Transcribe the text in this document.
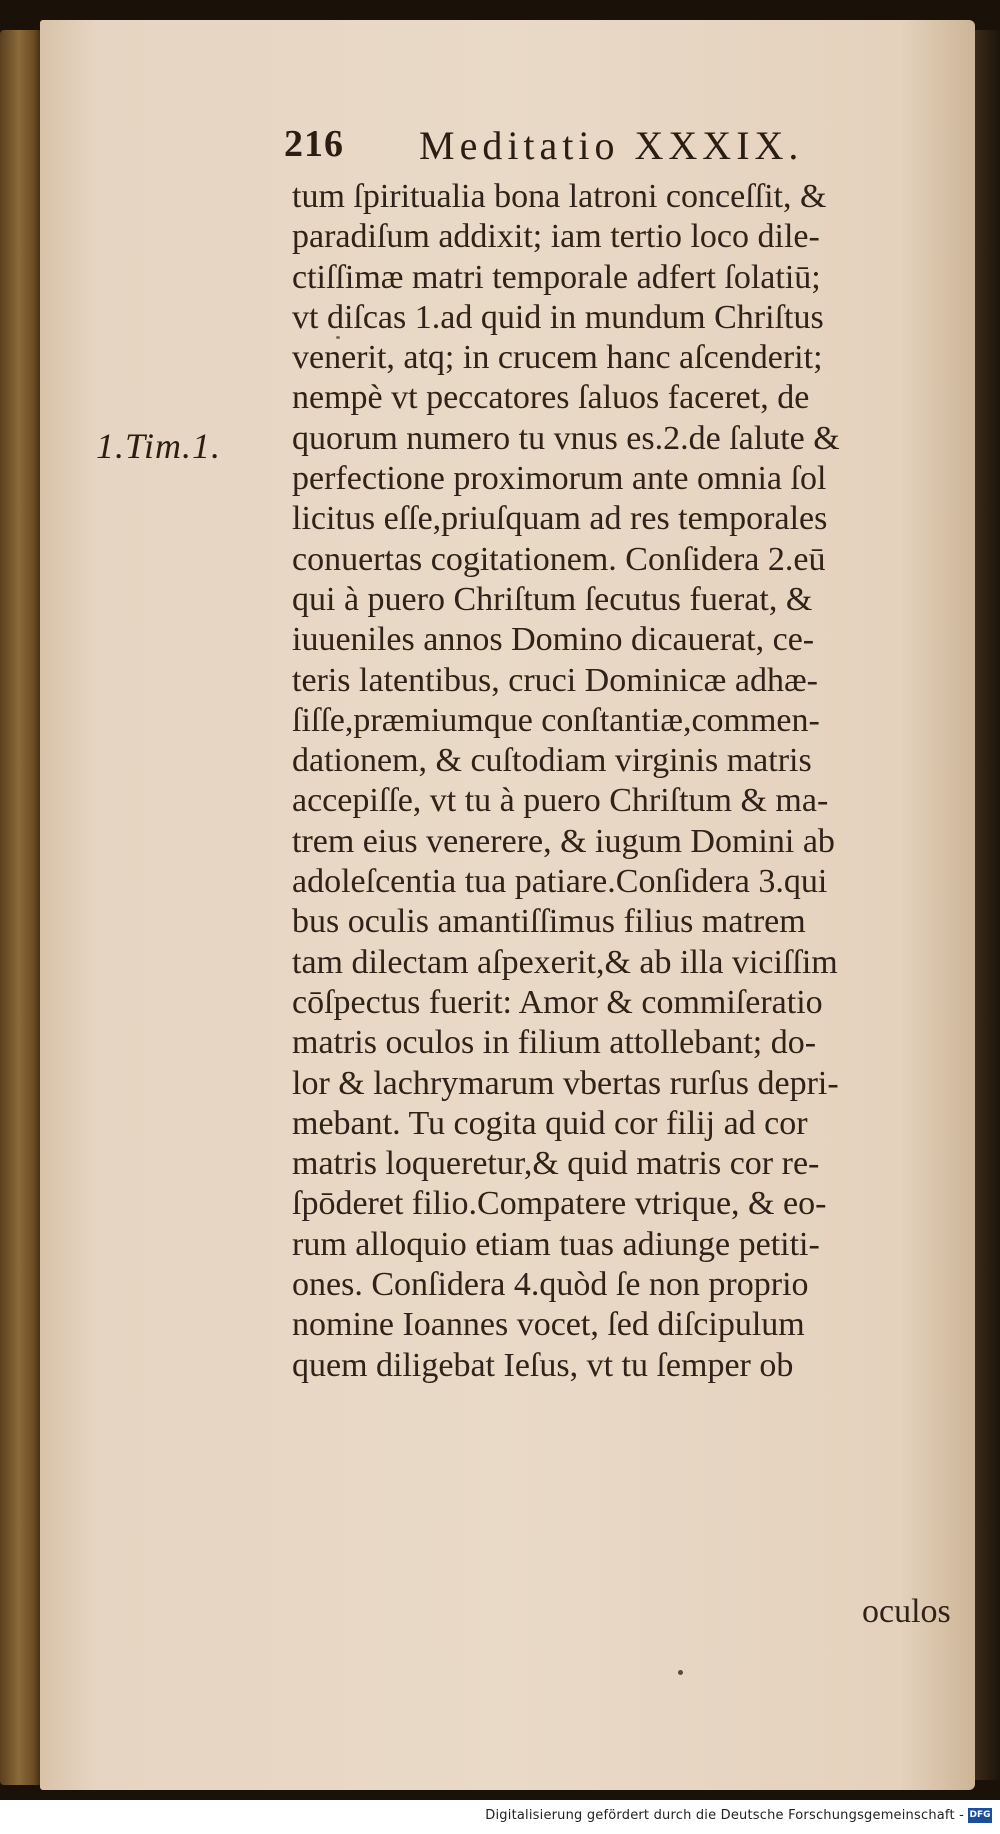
216 Meditatio XXXIX.
1.Tim.1.
tum ſpiritualia bona latroni conceſſit, &
paradiſum addixit; iam tertio loco dile-
ctiſſimæ matri temporale adfert ſolatiū;
vt diſcas 1.ad quid in mundum Chriſtus
venerit, atq; in crucem hanc aſcenderit;
nempè vt peccatores ſaluos faceret, de
quorum numero tu vnus es.2.de ſalute &
perfectione proximorum ante omnia ſol
licitus eſſe,priuſquam ad res temporales
conuertas cogitationem. Conſidera 2.eū
qui à puero Chriſtum ſecutus fuerat, &
iuueniles annos Domino dicauerat, ce-
teris latentibus, cruci Dominicæ adhæ-
ſiſſe,præmiumque conſtantiæ,commen-
dationem, & cuſtodiam virginis matris
accepiſſe, vt tu à puero Chriſtum & ma-
trem eius venerere, & iugum Domini ab
adoleſcentia tua patiare.Conſidera 3.qui
bus oculis amantiſſimus filius matrem
tam dilectam aſpexerit,& ab illa viciſſim
cōſpectus fuerit: Amor & commiſeratio
matris oculos in filium attollebant; do-
lor & lachrymarum vbertas rurſus depri-
mebant. Tu cogita quid cor filij ad cor
matris loqueretur,& quid matris cor re-
ſpōderet filio.Compatere vtrique, & eo-
rum alloquio etiam tuas adiunge petiti-
ones. Conſidera 4.quòd ſe non proprio
nomine Ioannes vocet, ſed diſcipulum
quem diligebat Ieſus, vt tu ſemper ob
oculos
Digitalisierung gefördert durch die Deutsche Forschungsgemeinschaft - DFG
